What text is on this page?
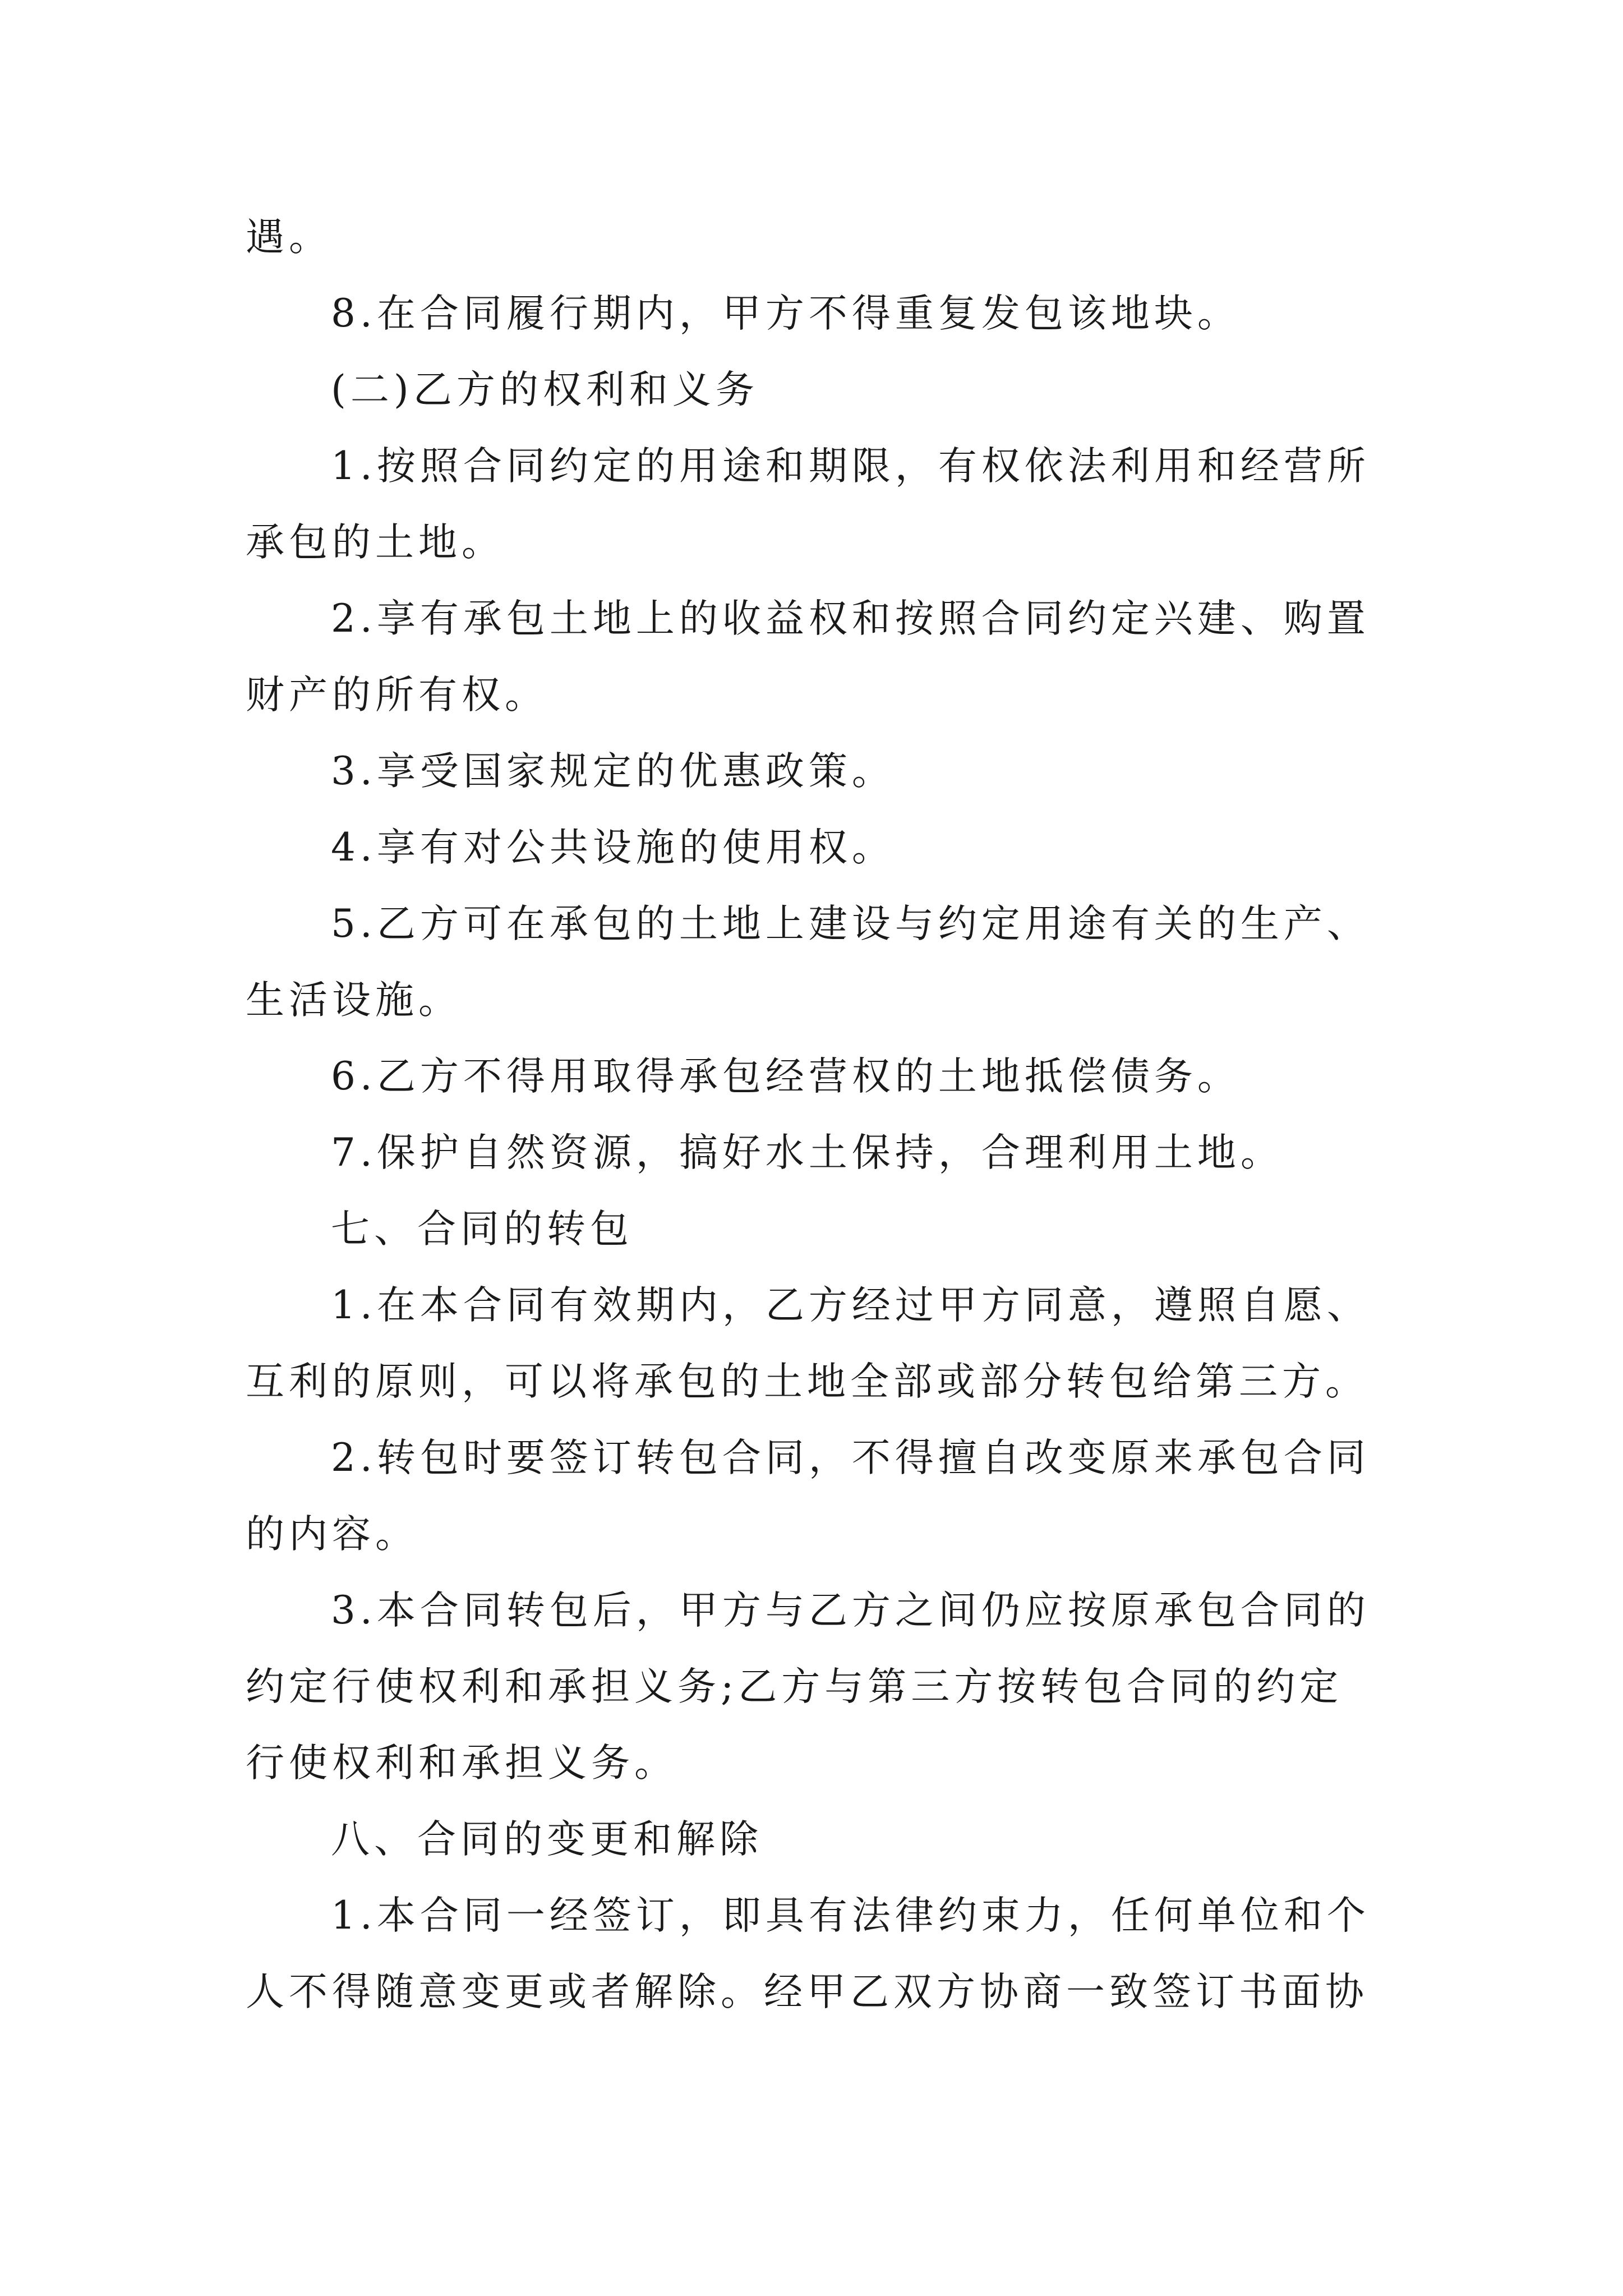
遇。

8.在合同履行期内，甲方不得重复发包该地块。

(二)乙方的权利和义务

1.按照合同约定的用途和期限，有权依法利用和经营所

承包的土地。

2.享有承包土地上的收益权和按照合同约定兴建、购置

财产的所有权。

3.享受国家规定的优惠政策。

4.享有对公共设施的使用权。

5.乙方可在承包的土地上建设与约定用途有关的生产、

生活设施。

6.乙方不得用取得承包经营权的土地抵偿债务。

7.保护自然资源，搞好水土保持，合理利用土地。

七、合同的转包

1.在本合同有效期内，乙方经过甲方同意，遵照自愿、

互利的原则，可以将承包的土地全部或部分转包给第三方。

2.转包时要签订转包合同，不得擅自改变原来承包合同

的内容。

3.本合同转包后，甲方与乙方之间仍应按原承包合同的

约定行使权利和承担义务;乙方与第三方按转包合同的约定

行使权利和承担义务。

八、合同的变更和解除

1.本合同一经签订，即具有法律约束力，任何单位和个

人不得随意变更或者解除。经甲乙双方协商一致签订书面协
